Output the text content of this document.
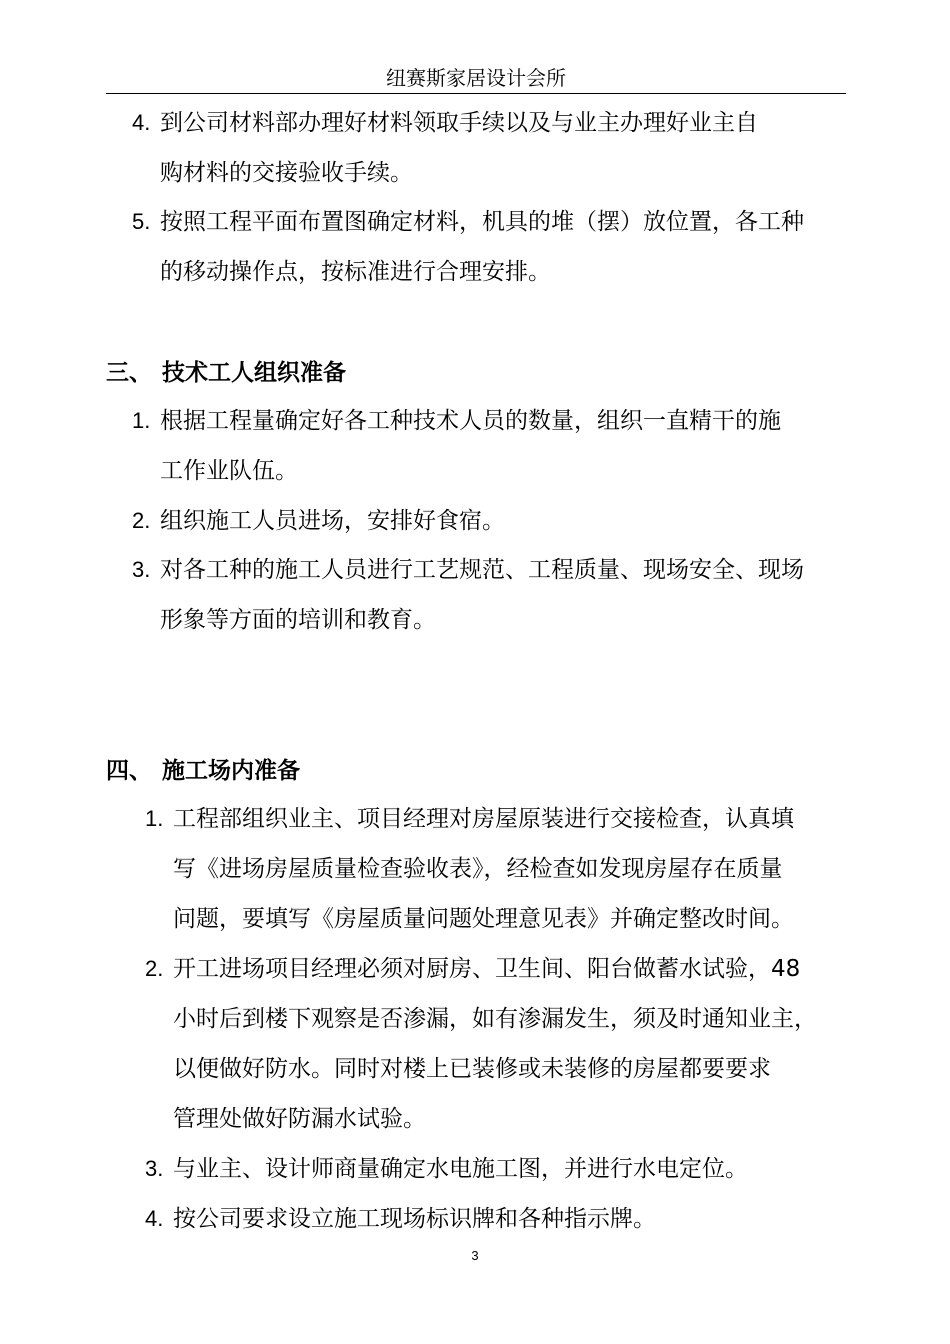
纽赛斯家居设计会所
4. 到公司材料部办理好材料领取手续以及与业主办理好业主自
购材料的交接验收手续。
5. 按照工程平面布置图确定材料，机具的堆（摆）放位置，各工种
的移动操作点，按标准进行合理安排。
三、 技术工人组织准备
1. 根据工程量确定好各工种技术人员的数量，组织一直精干的施
工作业队伍。
2. 组织施工人员进场，安排好食宿。
3. 对各工种的施工人员进行工艺规范、工程质量、现场安全、现场
形象等方面的培训和教育。
四、 施工场内准备
1. 工程部组织业主、项目经理对房屋原装进行交接检查，认真填
写《进场房屋质量检查验收表》，经检查如发现房屋存在质量
问题，要填写《房屋质量问题处理意见表》并确定整改时间。
2. 开工进场项目经理必须对厨房、卫生间、阳台做蓄水试验，48
小时后到楼下观察是否渗漏，如有渗漏发生，须及时通知业主，
以便做好防水。同时对楼上已装修或未装修的房屋都要要求
管理处做好防漏水试验。
3. 与业主、设计师商量确定水电施工图，并进行水电定位。
4. 按公司要求设立施工现场标识牌和各种指示牌。
3
